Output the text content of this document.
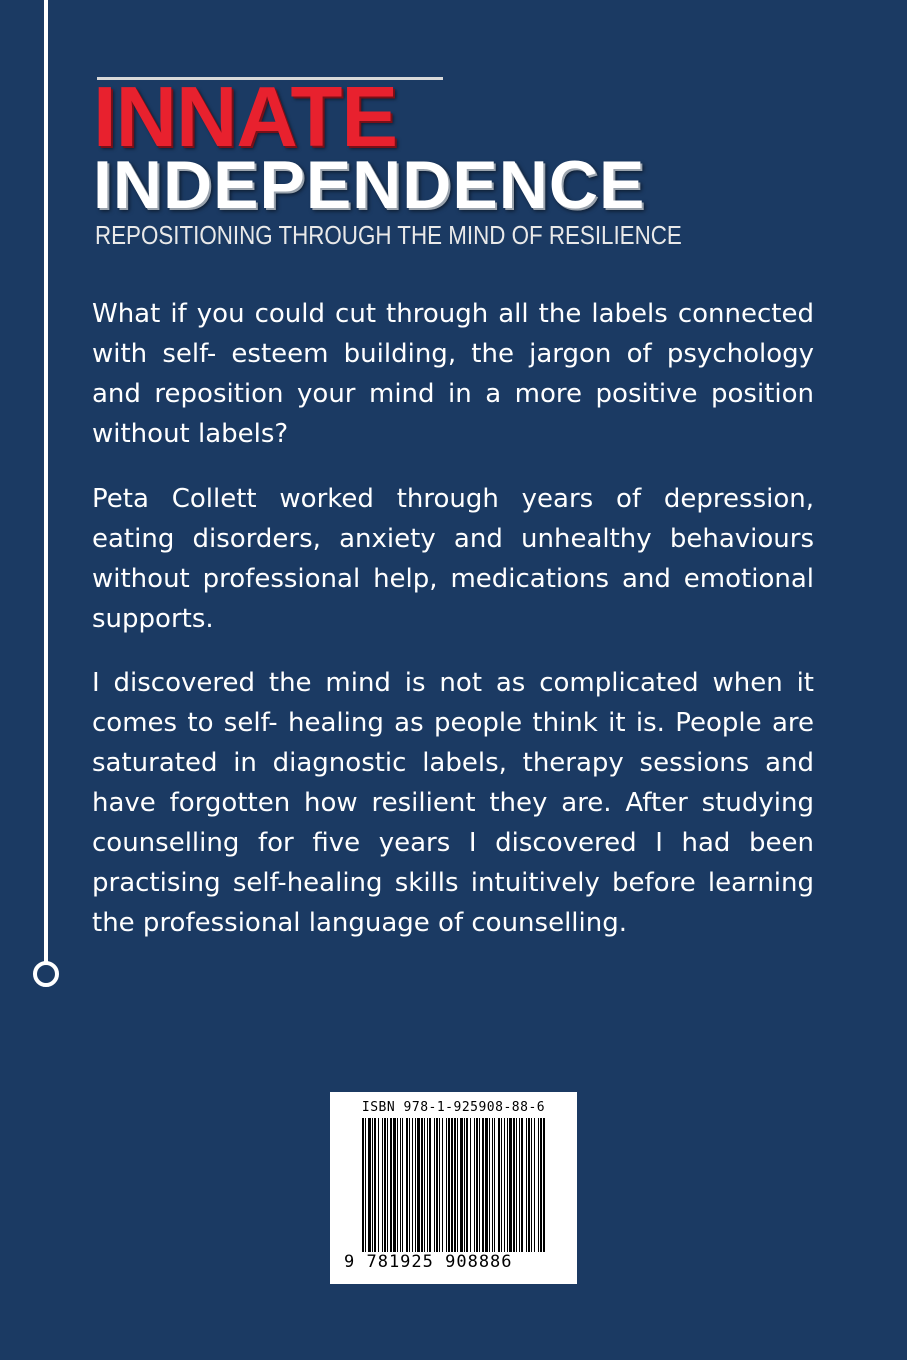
INNATE
INDEPENDENCE
REPOSITIONING THROUGH THE MIND OF RESILIENCE

What if you could cut through all the labels connected with self- esteem building, the jargon of psychology and reposition your mind in a more positive position without labels?

Peta Collett worked through years of depression, eating disorders, anxiety and unhealthy behaviours without professional help, medications and emotional supports.

I discovered the mind is not as complicated when it comes to self- healing as people think it is. People are saturated in diagnostic labels, therapy sessions and have forgotten how resilient they are. After studying counselling for five years I discovered I had been practising self-healing skills intuitively before learning the professional language of counselling.

ISBN 978-1-925908-88-6
9 781925 908886
